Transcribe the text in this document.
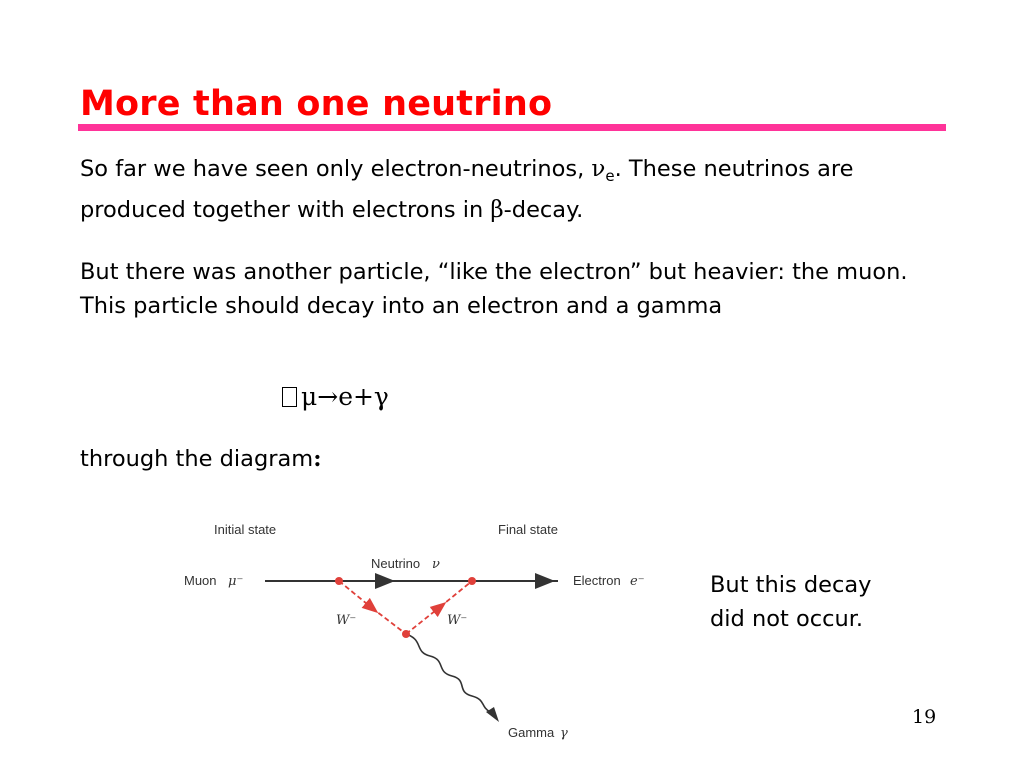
More than one neutrino
So far we have seen only electron-neutrinos, $\nu_e$. These neutrinos are produced together with electrons in β-decay.
But there was another particle, “like the electron” but heavier: the muon. This particle should decay into an electron and a gamma
μ→e+γ
through the diagram:
Initial state	Final state
Muon μ⁻
Neutrino ν
Electron e⁻
W⁻	W⁻
Gamma γ
But this decay
did not occur.
19
